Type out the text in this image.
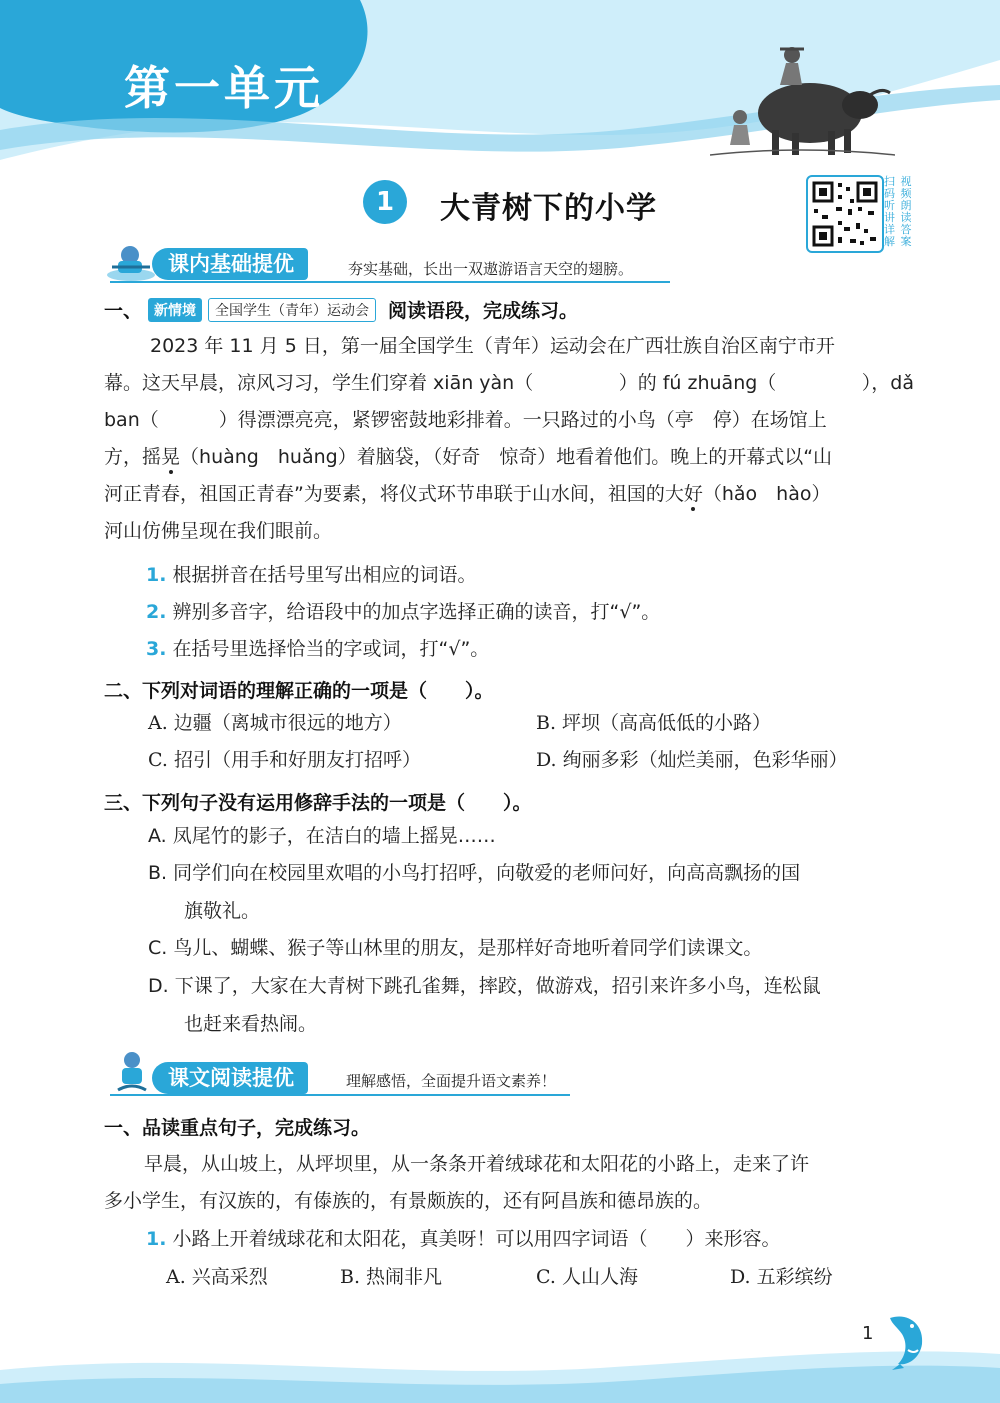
第一单元
1	大青树下的小学
扫码
听讲
详解
视频
朗读
答案
课内基础提优	夯实基础，长出一双遨游语言天空的翅膀。
一、 新情境	全国学生（青年）运动会	阅读语段，完成练习。
2023 年 11 月 5 日，第一届全国学生（青年）运动会在广西壮族自治区南宁市开
幕。这天早晨，凉风习习，学生们穿着 xiān yàn（	）的 fú zhuāng（	），dǎ
ban（	）得漂漂亮亮，紧锣密鼓地彩排着。一只路过的小鸟（亭　停）在场馆上
方，摇晃（huàng　huǎng）着脑袋，（好奇　惊奇）地看着他们。晚上的开幕式以“山
河正青春，祖国正青春”为要素，将仪式环节串联于山水间，祖国的大好（hǎo　hào）
河山仿佛呈现在我们眼前。
1. 根据拼音在括号里写出相应的词语。
2. 辨别多音字，给语段中的加点字选择正确的读音，打“√”。
3. 在括号里选择恰当的字或词，打“√”。
二、下列对词语的理解正确的一项是（　　）。
A. 边疆（离城市很远的地方）	B. 坪坝（高高低低的小路）
C. 招引（用手和好朋友打招呼）	D. 绚丽多彩（灿烂美丽，色彩华丽）
三、下列句子没有运用修辞手法的一项是（　　）。
A. 凤尾竹的影子，在洁白的墙上摇晃……
B. 同学们向在校园里欢唱的小鸟打招呼，向敬爱的老师问好，向高高飘扬的国
旗敬礼。
C. 鸟儿、蝴蝶、猴子等山林里的朋友，是那样好奇地听着同学们读课文。
D. 下课了，大家在大青树下跳孔雀舞，摔跤，做游戏，招引来许多小鸟，连松鼠
也赶来看热闹。
课文阅读提优	理解感悟，全面提升语文素养！
一、品读重点句子，完成练习。
早晨，从山坡上，从坪坝里，从一条条开着绒球花和太阳花的小路上，走来了许
多小学生，有汉族的，有傣族的，有景颇族的，还有阿昌族和德昂族的。
1. 小路上开着绒球花和太阳花，真美呀！可以用四字词语（　　）来形容。
A. 兴高采烈	B. 热闹非凡	C. 人山人海	D. 五彩缤纷
1
